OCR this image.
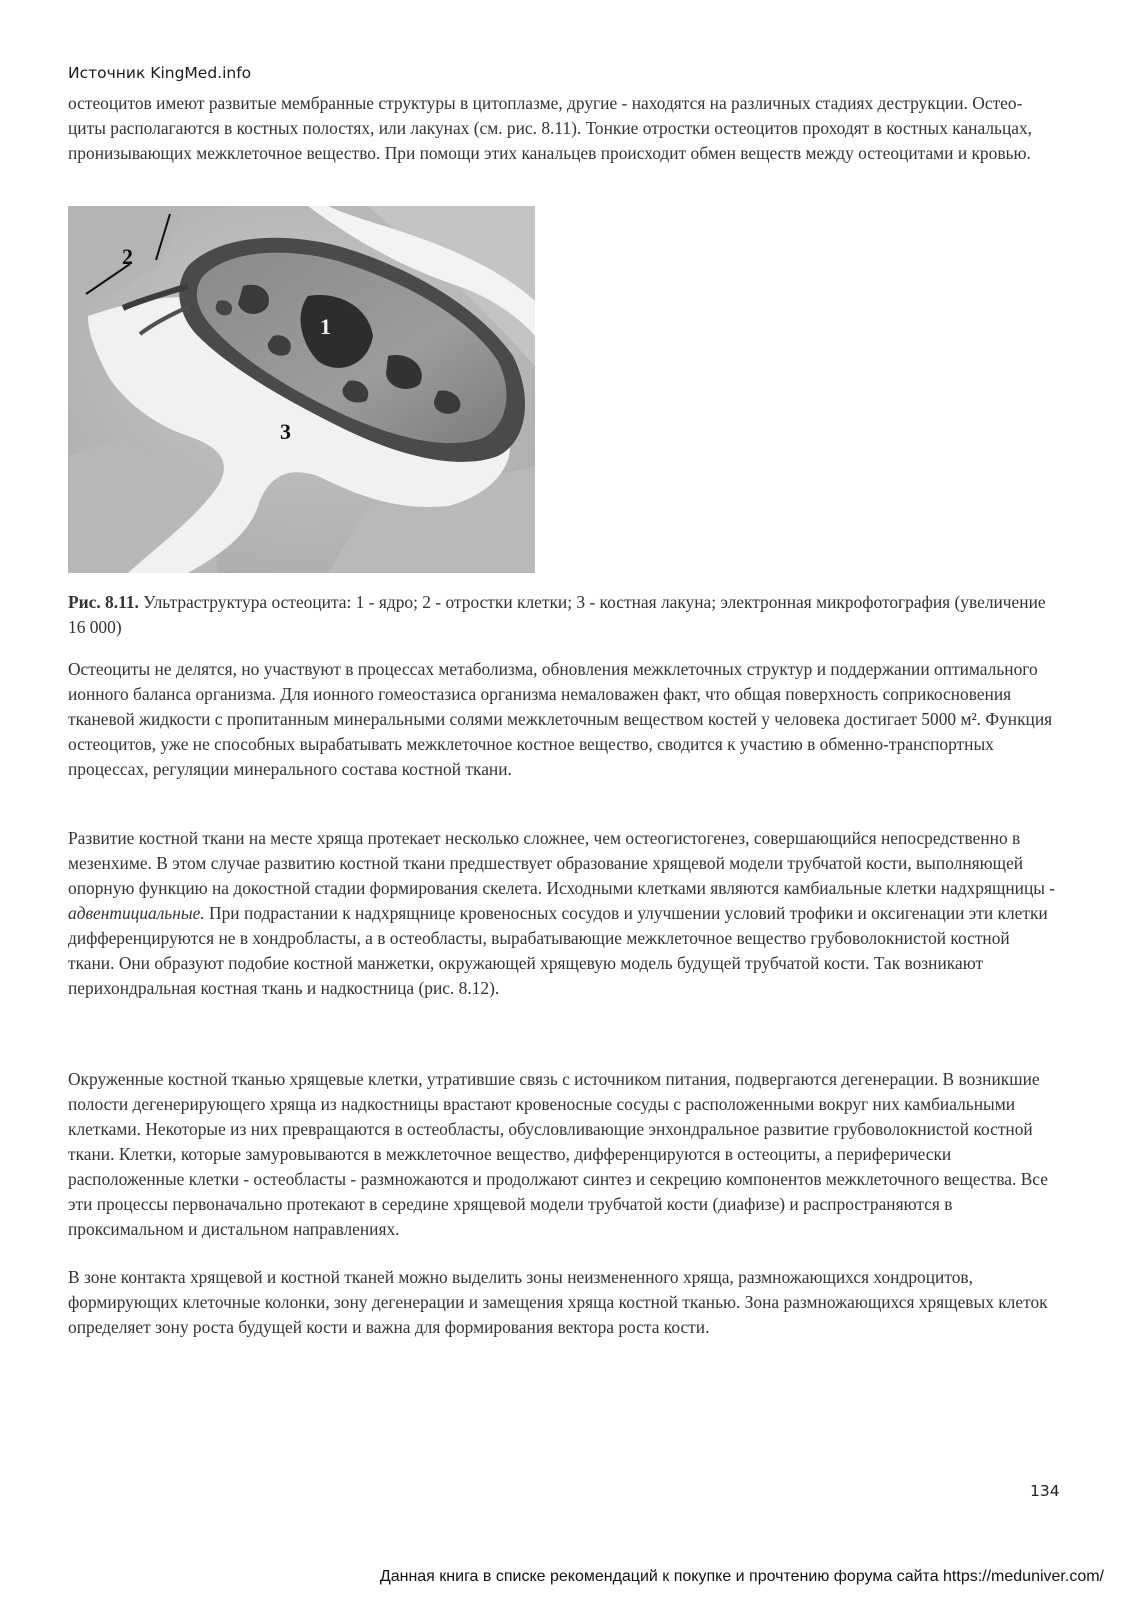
Источник KingMed.info

остеоцитов имеют развитые мембранные структуры в цитоплазме, другие - находятся на различных стадиях деструкции. Остео-циты располагаются в костных полостях, или лакунах (см. рис. 8.11). Тонкие отростки остеоцитов проходят в костных канальцах, пронизывающих межклеточное вещество. При помощи этих канальцев происходит обмен веществ между остеоцитами и кровью.

2
1
3

Рис. 8.11. Ультраструктура остеоцита: 1 - ядро; 2 - отростки клетки; 3 - костная лакуна; электронная микрофотография (увеличение 16 000)

Остеоциты не делятся, но участвуют в процессах метаболизма, обновления межклеточных структур и поддержании оптимального ионного баланса организма. Для ионного гомеостазиса организма немаловажен факт, что общая поверхность соприкосновения тканевой жидкости с пропитанным минеральными солями межклеточным веществом костей у человека достигает 5000 м². Функция остеоцитов, уже не способных вырабатывать межклеточное костное вещество, сводится к участию в обменно-транспортных процессах, регуляции минерального состава костной ткани.

Развитие костной ткани на месте хряща протекает несколько сложнее, чем остеогистогенез, совершающийся непосредственно в мезенхиме. В этом случае развитию костной ткани предшествует образование хрящевой модели трубчатой кости, выполняющей опорную функцию на докостной стадии формирования скелета. Исходными клетками являются камбиальные клетки надхрящницы - адвентициальные. При подрастании к надхрящнице кровеносных сосудов и улучшении условий трофики и оксигенации эти клетки дифференцируются не в хондробласты, а в остеобласты, вырабатывающие межклеточное вещество грубоволокнистой костной ткани. Они образуют подобие костной манжетки, окружающей хрящевую модель будущей трубчатой кости. Так возникают перихондральная костная ткань и надкостница (рис. 8.12).

Окруженные костной тканью хрящевые клетки, утратившие связь с источником питания, подвергаются дегенерации. В возникшие полости дегенерирующего хряща из надкостницы врастают кровеносные сосуды с расположенными вокруг них камбиальными клетками. Некоторые из них превращаются в остеобласты, обусловливающие энхондральное развитие грубоволокнистой костной ткани. Клетки, которые замуровываются в межклеточное вещество, дифференцируются в остеоциты, а периферически расположенные клетки - остеобласты - размножаются и продолжают синтез и секрецию компонентов межклеточного вещества. Все эти процессы первоначально протекают в середине хрящевой модели трубчатой кости (диафизе) и распространяются в проксимальном и дистальном направлениях.

В зоне контакта хрящевой и костной тканей можно выделить зоны неизмененного хряща, размножающихся хондроцитов, формирующих клеточные колонки, зону дегенерации и замещения хряща костной тканью. Зона размножающихся хрящевых клеток определяет зону роста будущей кости и важна для формирования вектора роста кости.

134
Данная книга в списке рекомендаций к покупке и прочтению форума сайта https://meduniver.com/
